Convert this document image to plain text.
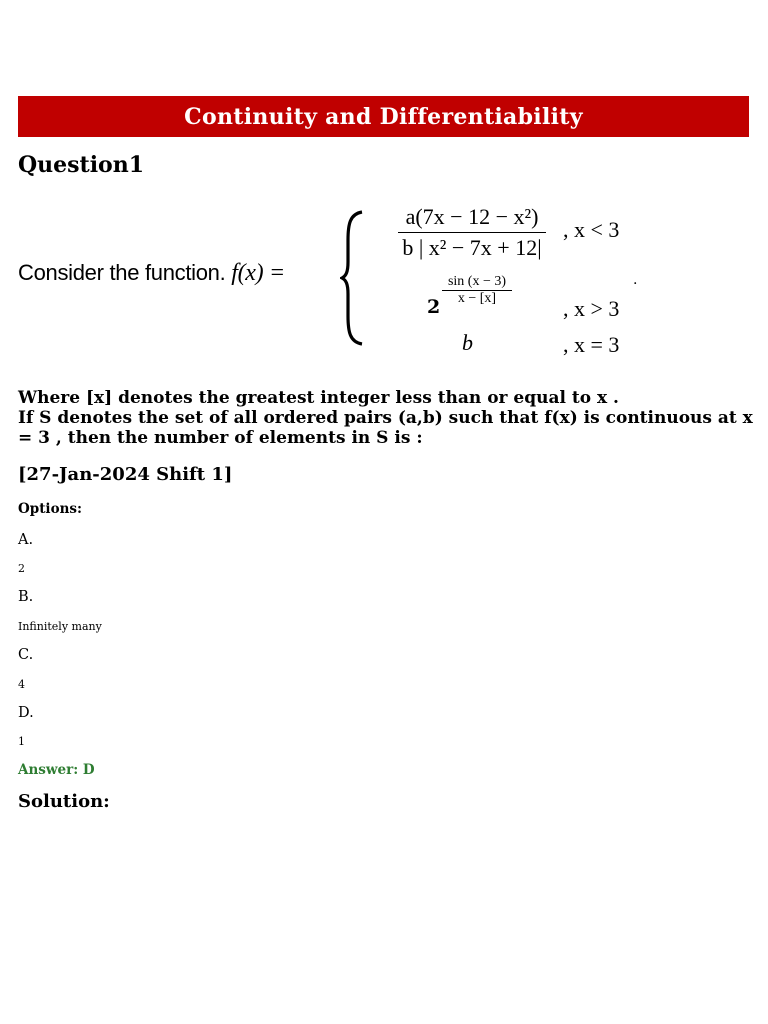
Continuity and Differentiability
Question1
Consider the function. f(x) =
$\frac{\text{a(7x − 12 − x²)}}{\text{b | x² − 7x + 12|}}$ , x < 3
$\frac{\sin (x - 3)}{x - [x]}$
2	, x > 3
.
b	, x = 3
Where [x] denotes the greatest integer less than or equal to x .
If S denotes the set of all ordered pairs (a,b) such that f(x) is continuous at x = 3 , then the number of elements in S is :
[27-Jan-2024 Shift 1]
Options:
A.
2
B.
Infinitely many
C.
4
D.
1
Answer: D
Solution:
